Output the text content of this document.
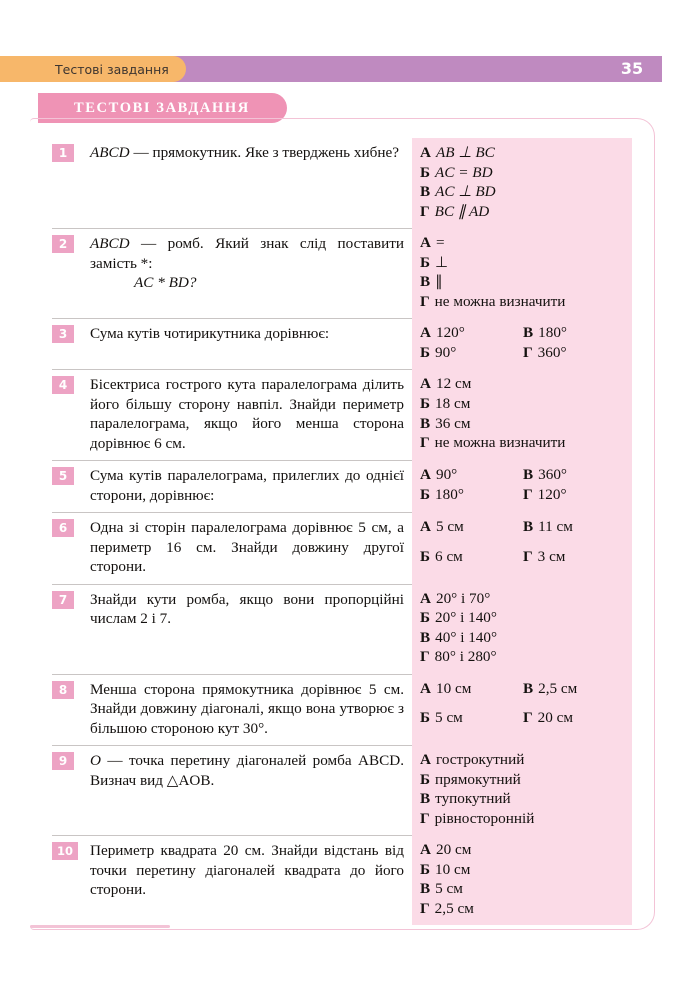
Тестові завдання	35
ТЕСТОВІ ЗАВДАННЯ
1	ABCD — прямокутник. Яке з тверджень хибне?	А AB ⊥ BC
Б AC = BD
В AC ⊥ BD
Г BC ∥ AD
2	ABCD — ромб. Який знак слід поставити замість *:
AC * BD?
А =
Б ⊥
В ∥
Г не можна визначити
3	Сума кутів чотирикутника дорівнює:	А 120°
Б 90°
В 180°
Г 360°
4	Бісектриса гострого кута паралелограма ділить його більшу сторону навпіл. Знайди периметр паралелограма, якщо його менша сторона дорівнює 6 см.
А 12 см
Б 18 см
В 36 см
Г не можна визначити
5	Сума кутів паралелограма, прилеглих до однієї сторони, дорівнює:
А 90°
Б 180°
В 360°
Г 120°
6	Одна зі сторін паралелограма дорівнює 5 см, а периметр 16 см. Знайди довжину другої сторони.
А 5 см
Б 6 см
В 11 см
Г 3 см
7	Знайди кути ромба, якщо вони пропорційні числам 2 і 7.
А 20° і 70°
Б 20° і 140°
В 40° і 140°
Г 80° і 280°
8	Менша сторона прямокутника дорівнює 5 см. Знайди довжину діагоналі, якщо вона утворює з більшою стороною кут 30°.
А 10 см
Б 5 см
В 2,5 см
Г 20 см
9	O — точка перетину діагоналей ромба ABCD. Визнач вид △AOB.
А гострокутний
Б прямокутний
В тупокутний
Г рівносторонній
10	Периметр квадрата 20 см. Знайди відстань від точки перетину діагоналей квадрата до його сторони.
А 20 см
Б 10 см
В 5 см
Г 2,5 см
